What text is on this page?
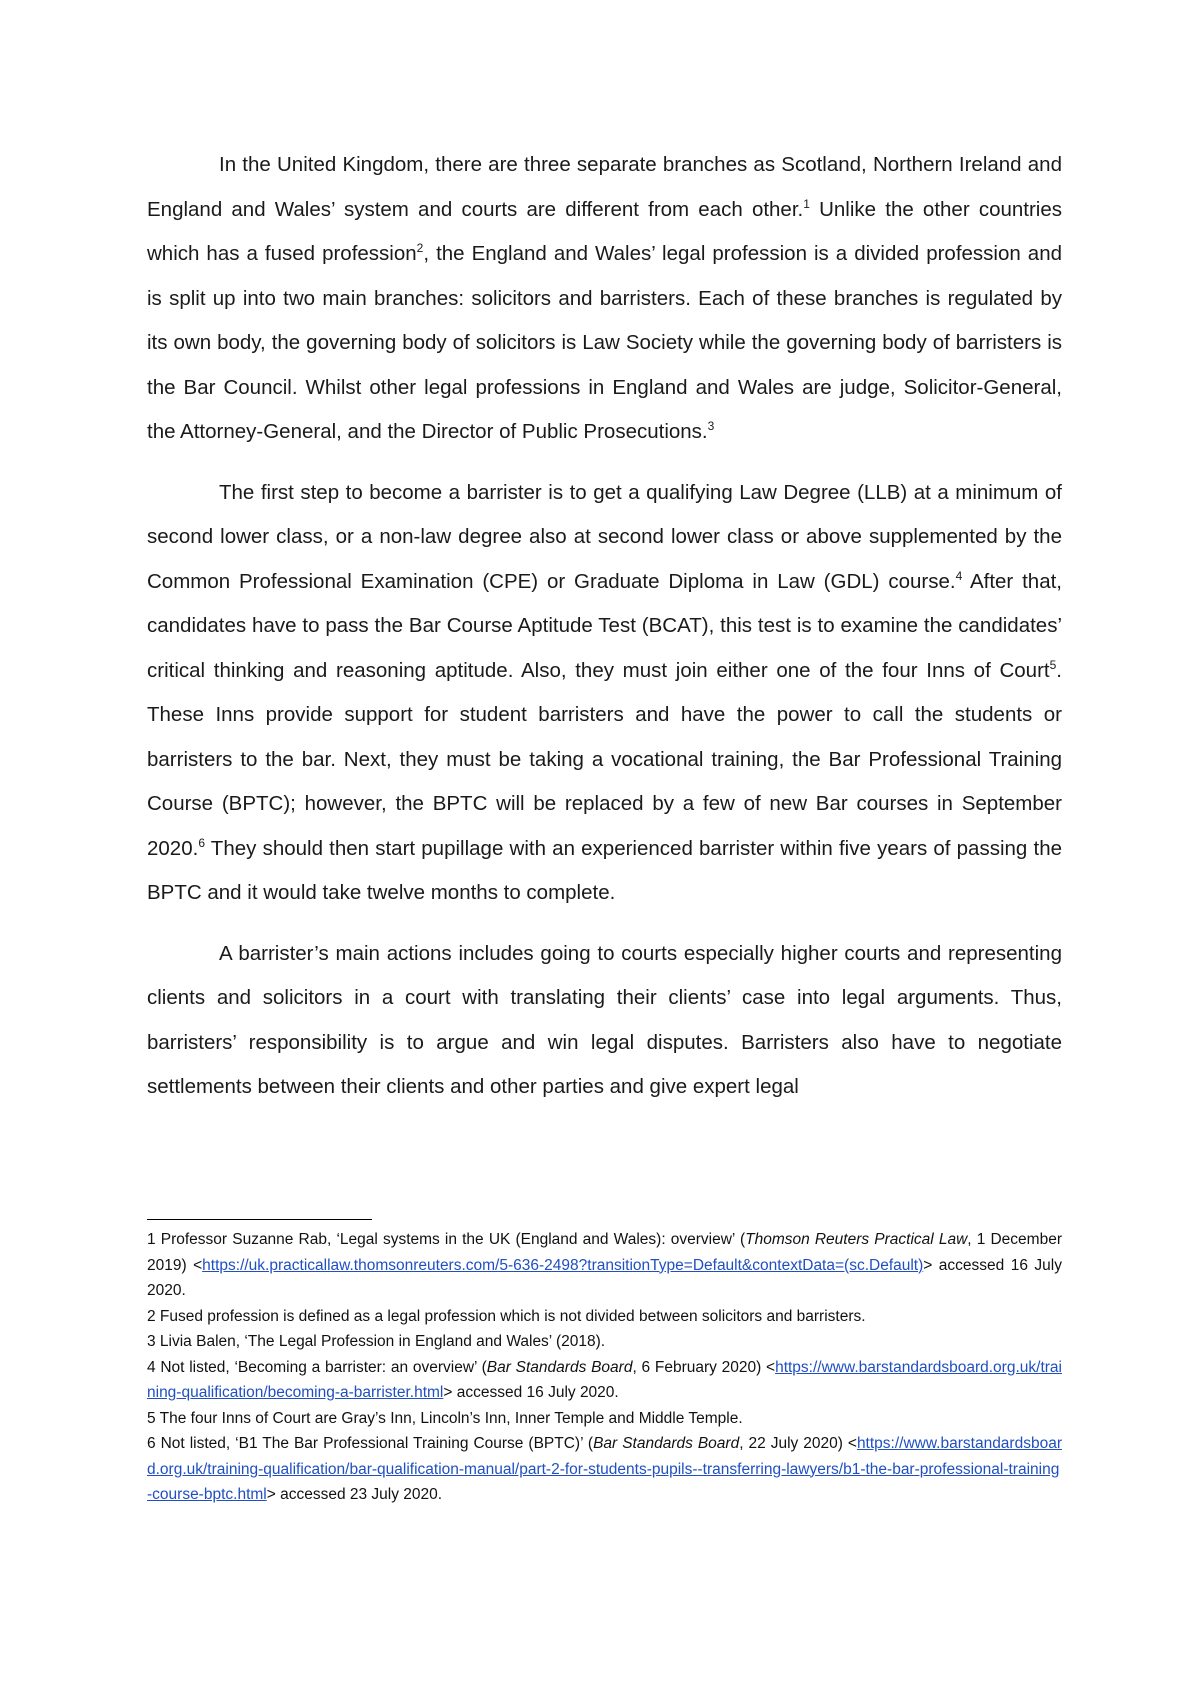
In the United Kingdom, there are three separate branches as Scotland, Northern Ireland and England and Wales’ system and courts are different from each other.$^1$ Unlike the other countries which has a fused profession$^2$, the England and Wales’ legal profession is a divided profession and is split up into two main branches: solicitors and barristers. Each of these branches is regulated by its own body, the governing body of solicitors is Law Society while the governing body of barristers is the Bar Council. Whilst other legal professions in England and Wales are judge, Solicitor-General, the Attorney-General, and the Director of Public Prosecutions.$^3$

The first step to become a barrister is to get a qualifying Law Degree (LLB) at a minimum of second lower class, or a non-law degree also at second lower class or above supplemented by the Common Professional Examination (CPE) or Graduate Diploma in Law (GDL) course.$^4$ After that, candidates have to pass the Bar Course Aptitude Test (BCAT), this test is to examine the candidates’ critical thinking and reasoning aptitude. Also, they must join either one of the four Inns of Court$^5$. These Inns provide support for student barristers and have the power to call the students or barristers to the bar. Next, they must be taking a vocational training, the Bar Professional Training Course (BPTC); however, the BPTC will be replaced by a few of new Bar courses in September 2020.$^6$ They should then start pupillage with an experienced barrister within five years of passing the BPTC and it would take twelve months to complete.

A barrister’s main actions includes going to courts especially higher courts and representing clients and solicitors in a court with translating their clients’ case into legal arguments. Thus, barristers’ responsibility is to argue and win legal disputes. Barristers also have to negotiate settlements between their clients and other parties and give expert legal

1 Professor Suzanne Rab, ‘Legal systems in the UK (England and Wales): overview’ (Thomson Reuters Practical Law, 1 December 2019) <https://uk.practicallaw.thomsonreuters.com/5-636-2498?transitionType=Default&contextData=(sc.Default)> accessed 16 July 2020.

2 Fused profession is defined as a legal profession which is not divided between solicitors and barristers.

3 Livia Balen, ‘The Legal Profession in England and Wales’ (2018).

4 Not listed, ‘Becoming a barrister: an overview’ (Bar Standards Board, 6 February 2020) <https://www.barstandardsboard.org.uk/training-qualification/becoming-a-barrister.html> accessed 16 July 2020.

5 The four Inns of Court are Gray’s Inn, Lincoln’s Inn, Inner Temple and Middle Temple.

6 Not listed, ‘B1 The Bar Professional Training Course (BPTC)’ (Bar Standards Board, 22 July 2020) <https://www.barstandardsboard.org.uk/training-qualification/bar-qualification-manual/part-2-for-students-pupils--transferring-lawyers/b1-the-bar-professional-training-course-bptc.html> accessed 23 July 2020.
